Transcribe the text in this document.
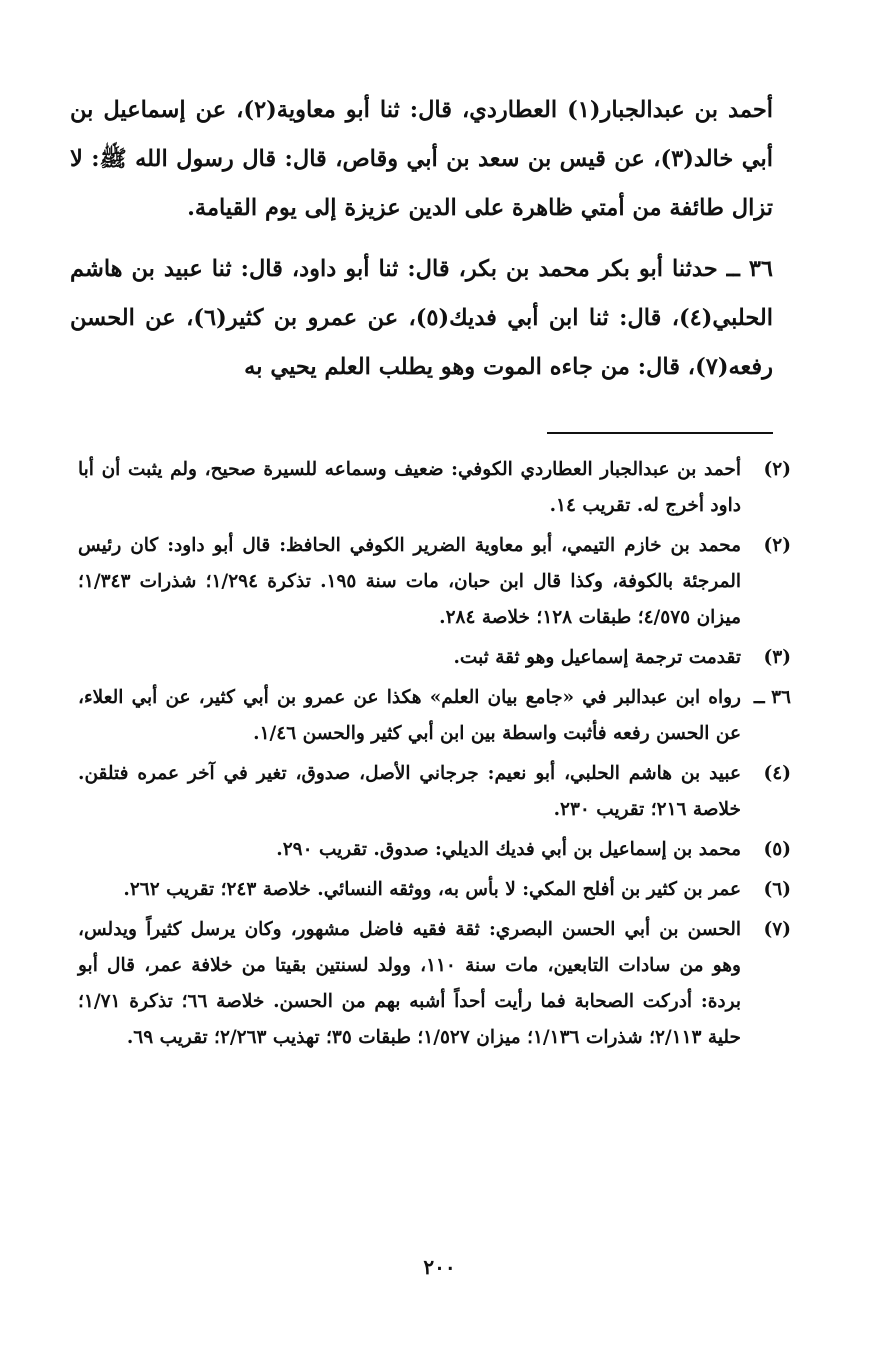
أحمد بن عبدالجبار(١) العطاردي، قال: ثنا أبو معاوية(٢)، عن إسماعيل بن أبي خالد(٣)، عن قيس بن سعد بن أبي وقاص، قال: قال رسول الله ﷺ: لا تزال طائفة من أمتي ظاهرة على الدين عزيزة إلى يوم القيامة.

٣٦ ــ حدثنا أبو بكر محمد بن بكر، قال: ثنا أبو داود، قال: ثنا عبيد بن هاشم الحلبي(٤)، قال: ثنا ابن أبي فديك(٥)، عن عمرو بن كثير(٦)، عن الحسن رفعه(٧)، قال: من جاءه الموت وهو يطلب العلم يحيي به

(٢)
أحمد بن عبدالجبار العطاردي الكوفي: ضعيف وسماعه للسيرة صحيح، ولم يثبت أن أبا داود أخرج له. تقريب ١٤.
(٢)
محمد بن خازم التيمي، أبو معاوية الضرير الكوفي الحافظ: قال أبو داود: كان رئيس المرجئة بالكوفة، وكذا قال ابن حبان، مات سنة ١٩٥. تذكرة ١/٢٩٤؛ شذرات ١/٣٤٣؛ ميزان ٤/٥٧٥؛ طبقات ١٢٨؛ خلاصة ٢٨٤.
(٣)
تقدمت ترجمة إسماعيل وهو ثقة ثبت.
٣٦ ــ
رواه ابن عبدالبر في «جامع بيان العلم» هكذا عن عمرو بن أبي كثير، عن أبي العلاء، عن الحسن رفعه فأثبت واسطة بين ابن أبي كثير والحسن ١/٤٦.
(٤)
عبيد بن هاشم الحلبي، أبو نعيم: جرجاني الأصل، صدوق، تغير في آخر عمره فتلقن. خلاصة ٢١٦؛ تقريب ٢٣٠.
(٥)
محمد بن إسماعيل بن أبي فديك الديلي: صدوق. تقريب ٢٩٠.
(٦)
عمر بن كثير بن أفلح المكي: لا بأس به، ووثقه النسائي. خلاصة ٢٤٣؛ تقريب ٢٦٢.
(٧)
الحسن بن أبي الحسن البصري: ثقة فقيه فاضل مشهور، وكان يرسل كثيراً ويدلس، وهو من سادات التابعين، مات سنة ١١٠، وولد لسنتين بقيتا من خلافة عمر، قال أبو بردة: أدركت الصحابة فما رأيت أحداً أشبه بهم من الحسن. خلاصة ٦٦؛ تذكرة ١/٧١؛ حلية ٢/١١٣؛ شذرات ١/١٣٦؛ ميزان ١/٥٢٧؛ طبقات ٣٥؛ تهذيب ٢/٢٦٣؛ تقريب ٦٩.
٢٠٠
